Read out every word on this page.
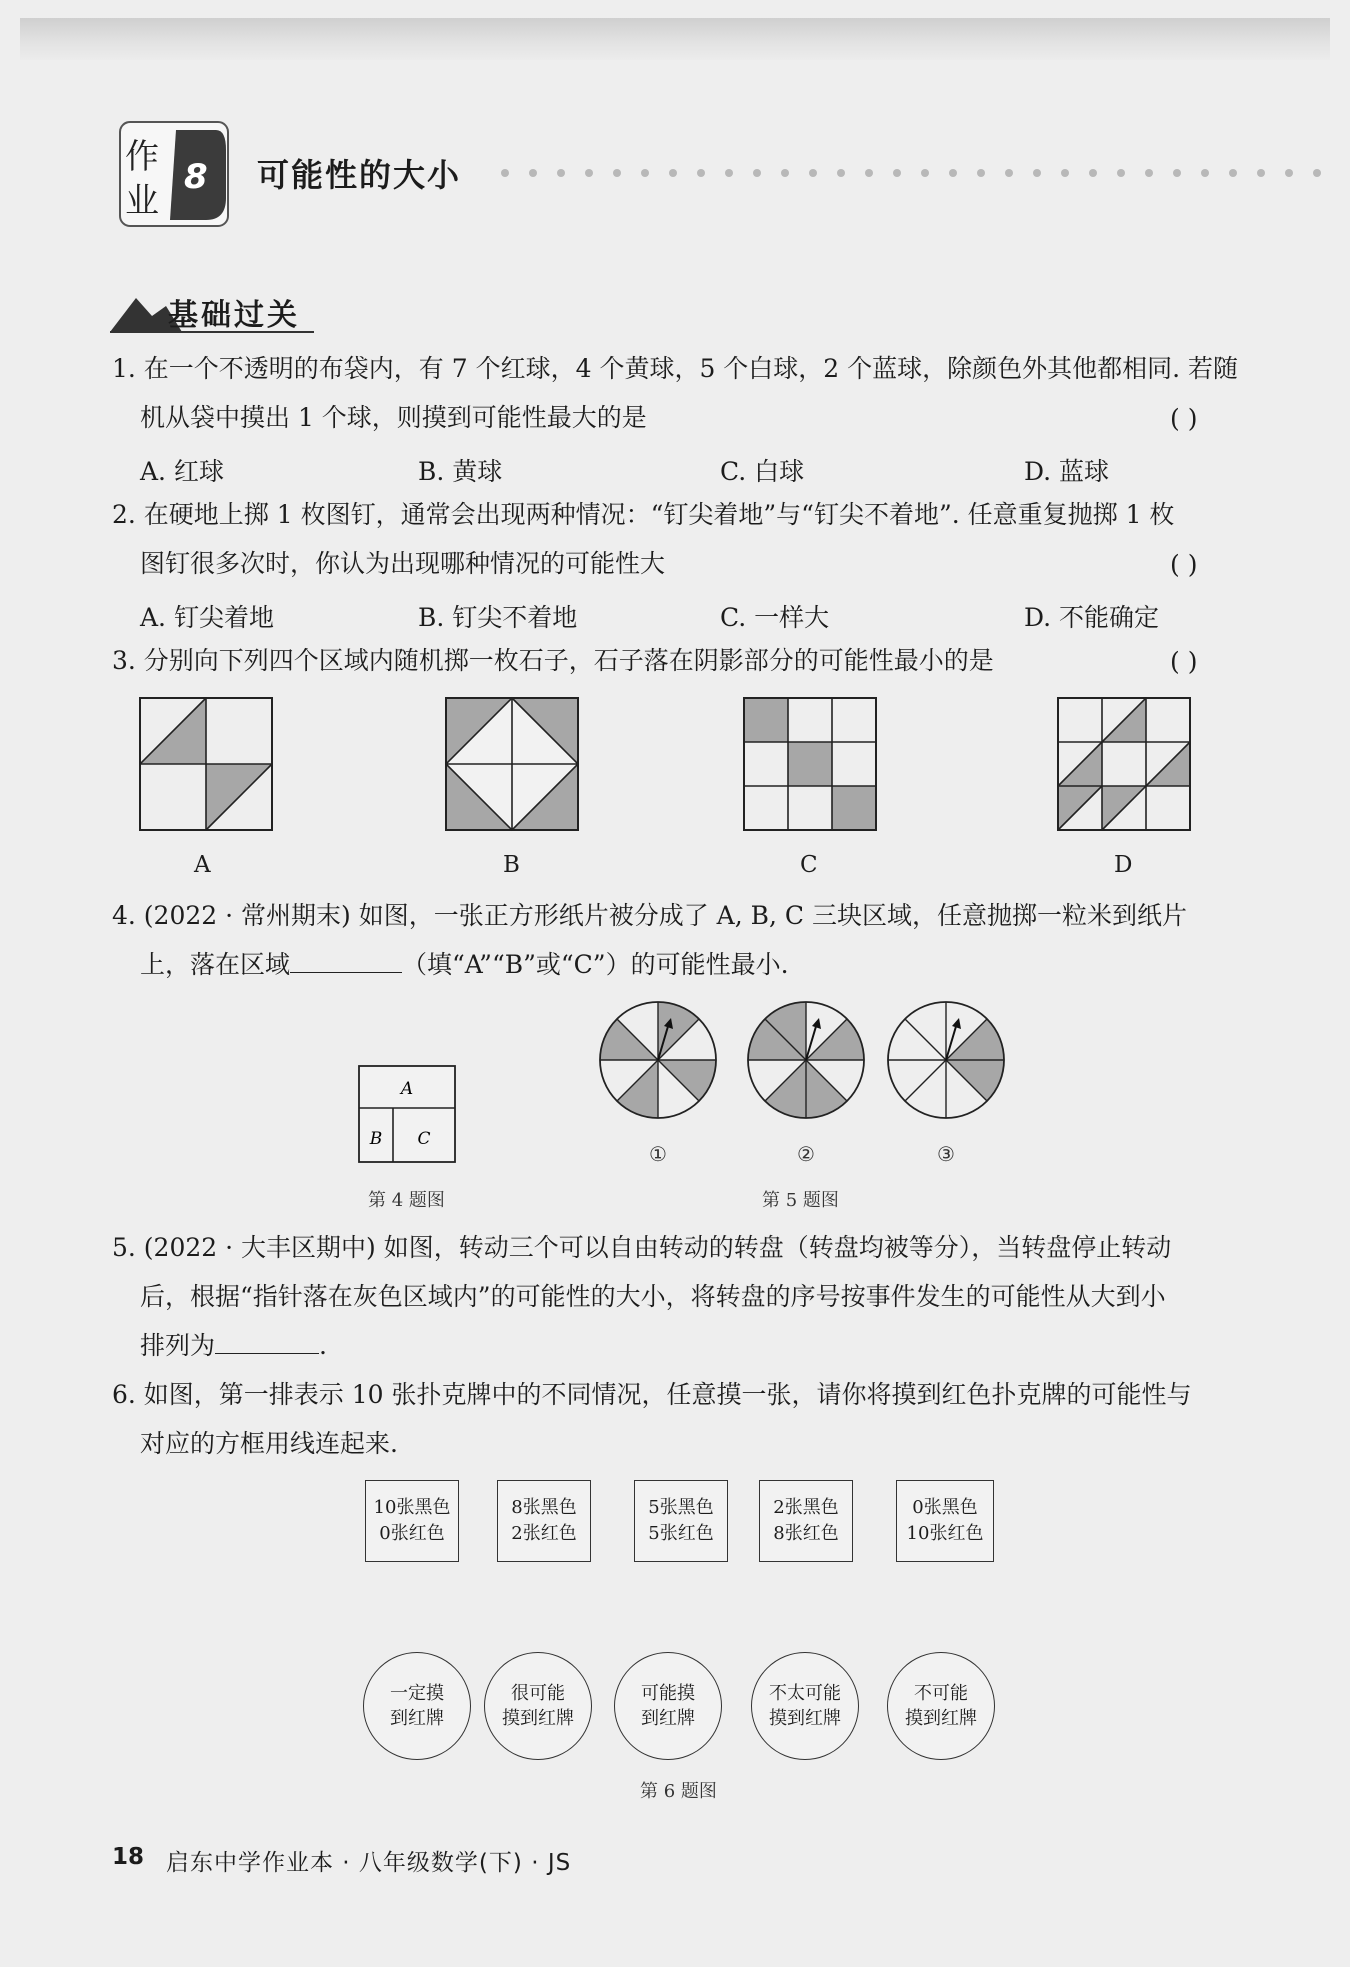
作
业
8 可能性的大小
基础过关
1. 在一个不透明的布袋内，有 7 个红球，4 个黄球，5 个白球，2 个蓝球，除颜色外其他都相同. 若随
机从袋中摸出 1 个球，则摸到可能性最大的是	( )
A. 红球	B. 黄球	C. 白球	D. 蓝球
2. 在硬地上掷 1 枚图钉，通常会出现两种情况：“钉尖着地”与“钉尖不着地”. 任意重复抛掷 1 枚
图钉很多次时，你认为出现哪种情况的可能性大	( )
A. 钉尖着地	B. 钉尖不着地	C. 一样大	D. 不能确定
3. 分别向下列四个区域内随机掷一枚石子，石子落在阴影部分的可能性最小的是	( )
A	B	C	D
4. (2022 · 常州期末) 如图，一张正方形纸片被分成了 A, B, C 三块区域，任意抛掷一粒米到纸片
上，落在区域	（填“A”“B”或“C”）的可能性最小.
A
B C
第 4 题图
①	②	③
第 5 题图
5. (2022 · 大丰区期中) 如图，转动三个可以自由转动的转盘（转盘均被等分），当转盘停止转动
后，根据“指针落在灰色区域内”的可能性的大小，将转盘的序号按事件发生的可能性从大到小
排列为	.
6. 如图，第一排表示 10 张扑克牌中的不同情况，任意摸一张，请你将摸到红色扑克牌的可能性与
对应的方框用线连起来.
10张黑色
0张红色
8张黑色
2张红色
5张黑色
5张红色
2张黑色
8张红色
0张黑色
10张红色
一定摸
到红牌
很可能
摸到红牌
可能摸
到红牌
不太可能
摸到红牌
不可能
摸到红牌
第 6 题图
18 启东中学作业本 · 八年级数学(下) · JS
